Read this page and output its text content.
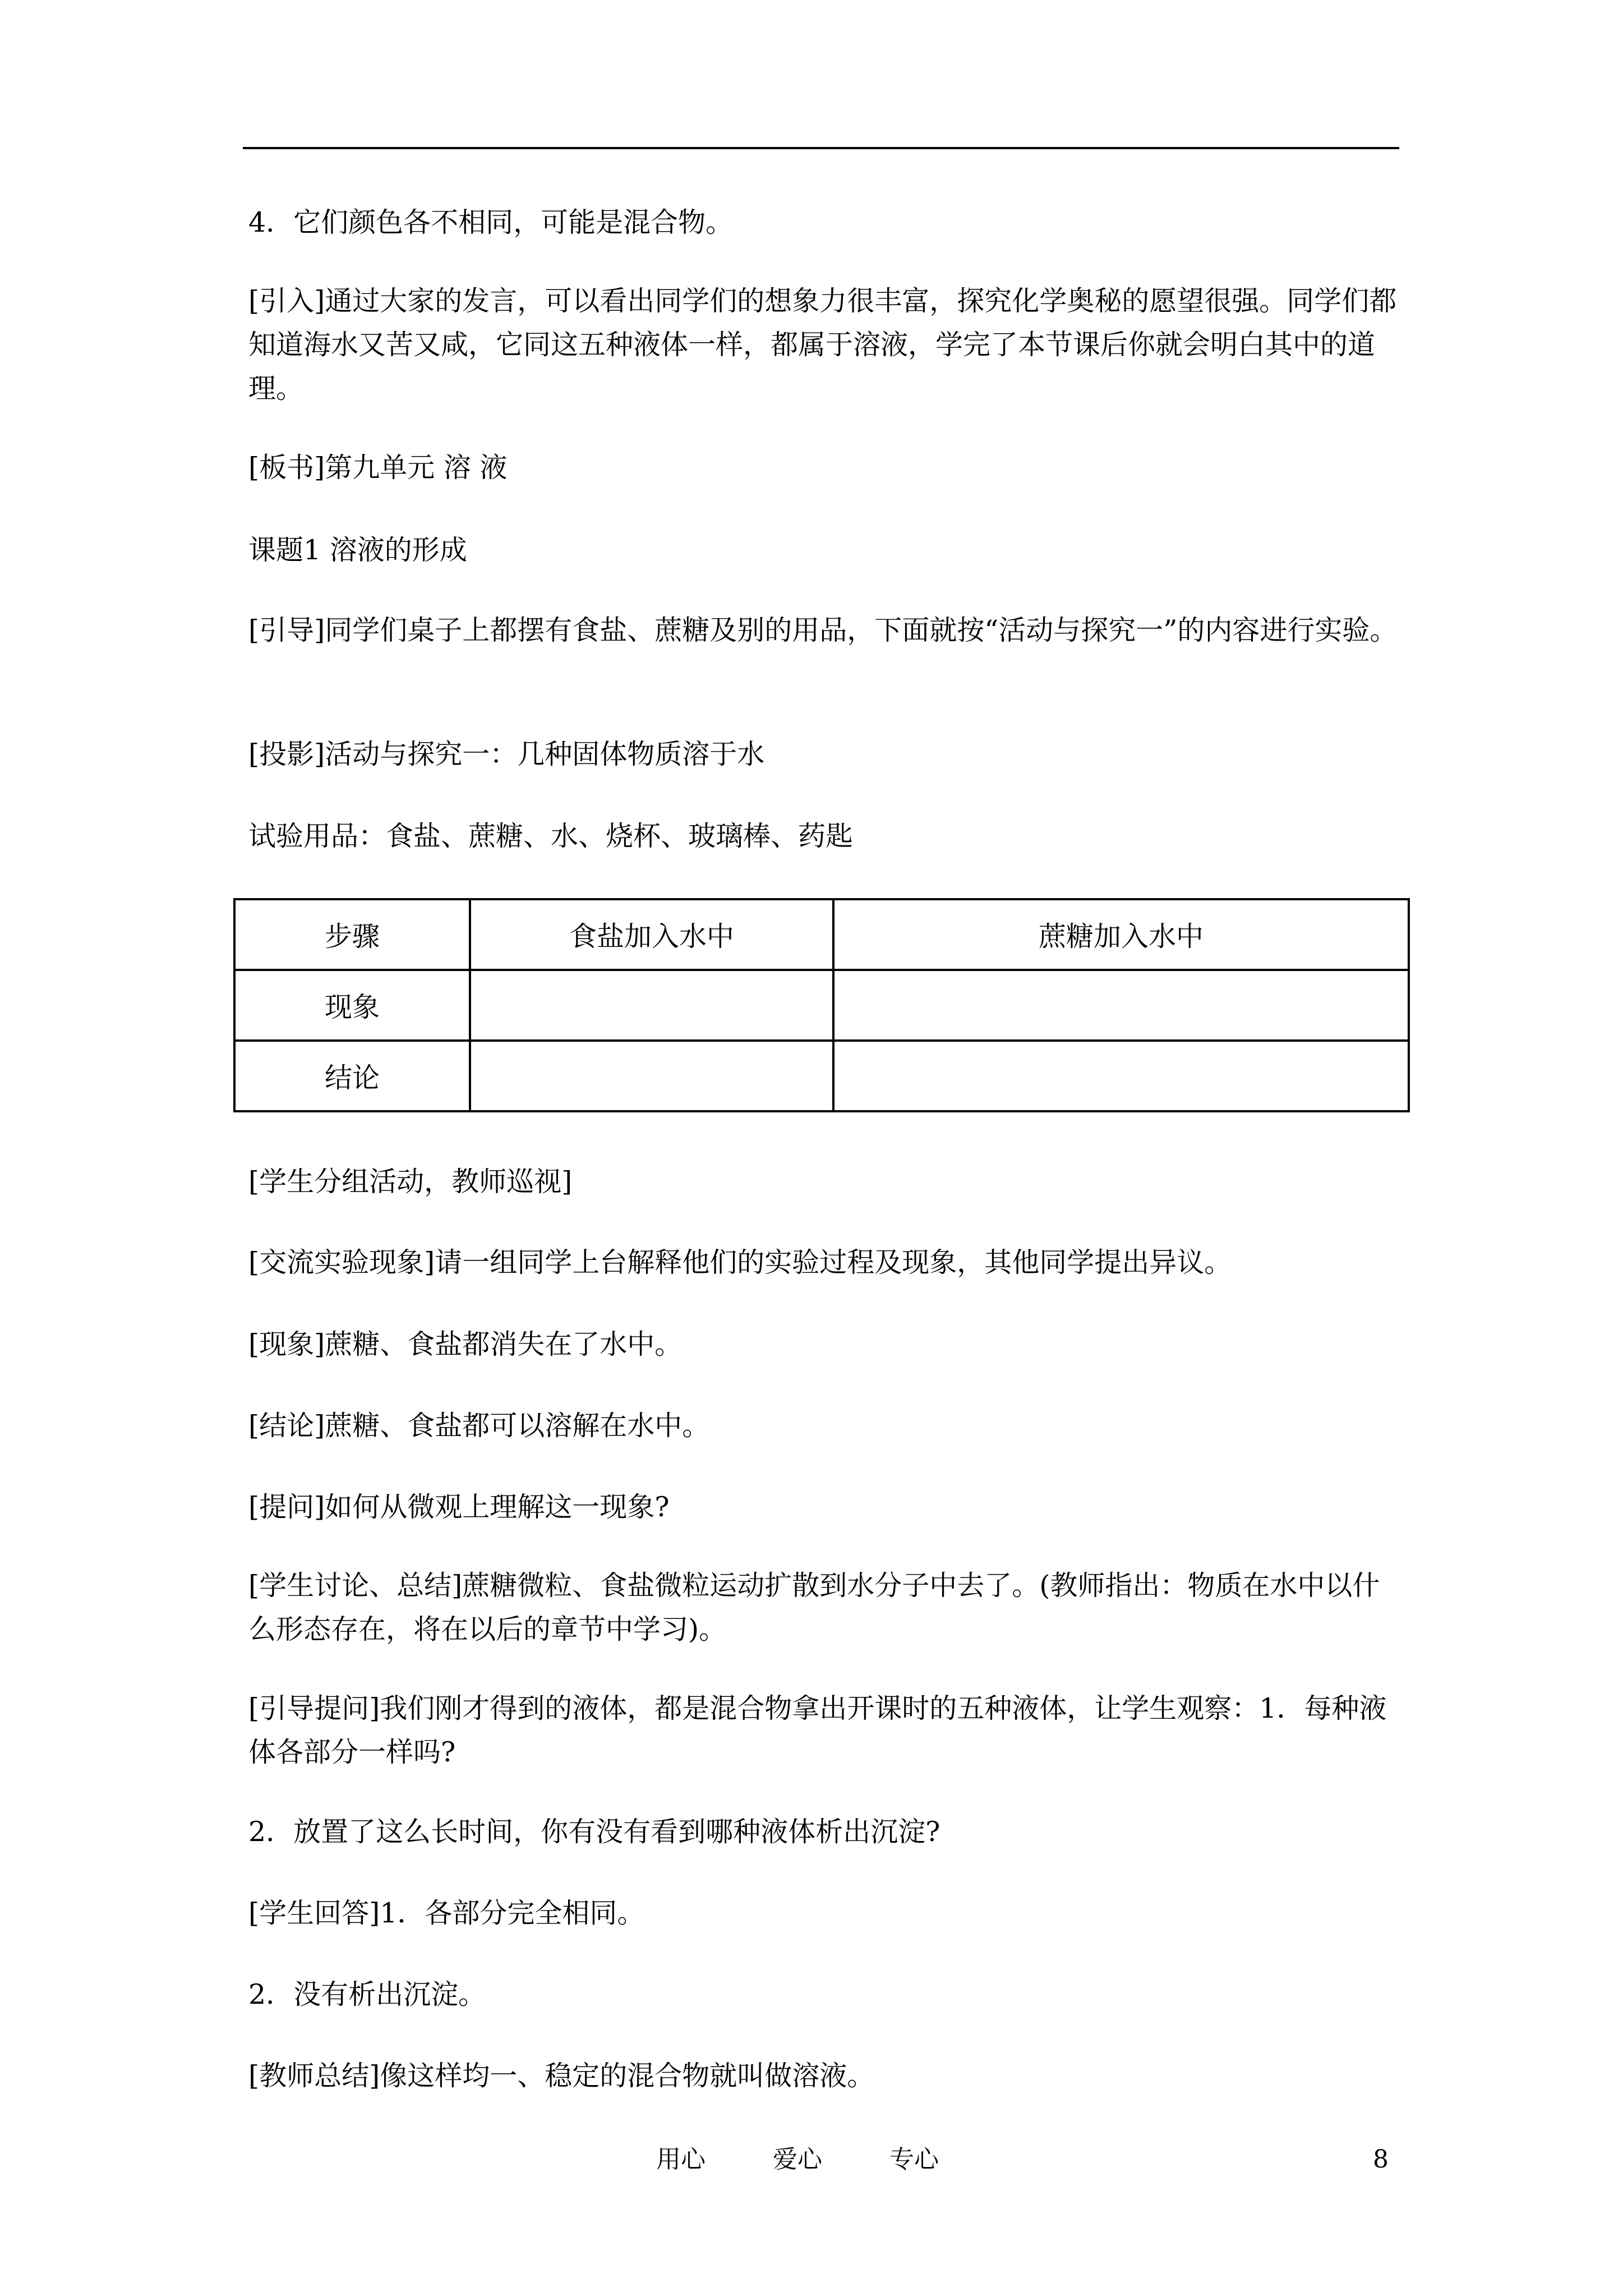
4．它们颜色各不相同，可能是混合物。

[引入]通过大家的发言，可以看出同学们的想象力很丰富，探究化学奥秘的愿望很强。同学们都知道海水又苦又咸，它同这五种液体一样，都属于溶液，学完了本节课后你就会明白其中的道理。

[板书]第九单元 溶 液

课题1 溶液的形成

[引导]同学们桌子上都摆有食盐、蔗糖及别的用品，下面就按“活动与探究一”的内容进行实验。

[投影]活动与探究一：几种固体物质溶于水

试验用品：食盐、蔗糖、水、烧杯、玻璃棒、药匙

步骤	食盐加入水中	蔗糖加入水中
现象		
结论		

[学生分组活动，教师巡视]

[交流实验现象]请一组同学上台解释他们的实验过程及现象，其他同学提出异议。

[现象]蔗糖、食盐都消失在了水中。

[结论]蔗糖、食盐都可以溶解在水中。

[提问]如何从微观上理解这一现象?

[学生讨论、总结]蔗糖微粒、食盐微粒运动扩散到水分子中去了。(教师指出：物质在水中以什么形态存在，将在以后的章节中学习)。

[引导提问]我们刚才得到的液体，都是混合物拿出开课时的五种液体，让学生观察：1．每种液体各部分一样吗?

2．放置了这么长时间，你有没有看到哪种液体析出沉淀?

[学生回答]1．各部分完全相同。

2．没有析出沉淀。

[教师总结]像这样均一、稳定的混合物就叫做溶液。

用心	爱心	专心	8
